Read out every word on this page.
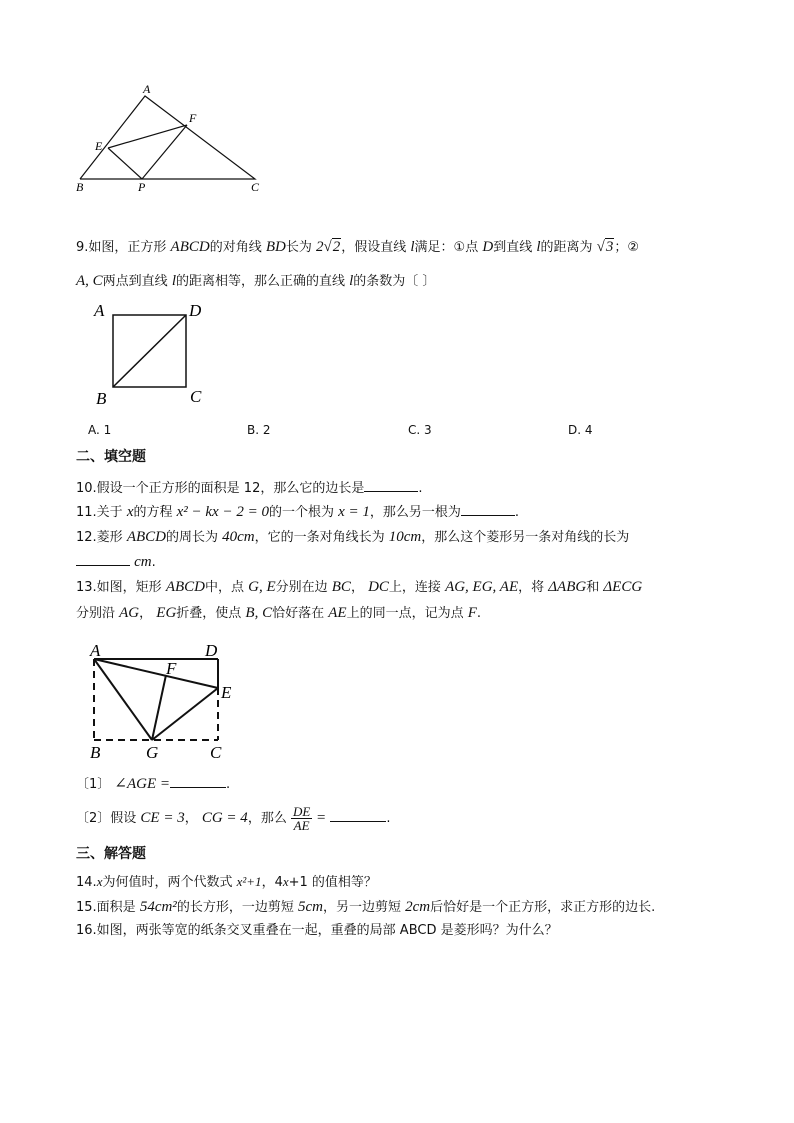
A
F
E
B	P	C
9.如图，正方形 ABCD的对角线 BD长为 2√2，假设直线 l满足：①点 D到直线 l的距离为 √3；②
A, C两点到直线 l的距离相等，那么正确的直线 l的条数为〔 〕
A	D
B	C
A. 1	B. 2	C. 3	D. 4
二、填空题
10.假设一个正方形的面积是 12，那么它的边长是	.
11.关于 x的方程 x² − kx − 2 = 0的一个根为 x = 1，那么另一根为	.
12.菱形 ABCD的周长为 40cm，它的一条对角线长为 10cm，那么这个菱形另一条对角线的长为
cm.
13.如图，矩形 ABCD中，点 G, E分别在边 BC， DC上，连接 AG, EG, AE，将 ΔABG和 ΔECG
分别沿 AG， EG折叠，使点 B, C恰好落在 AE上的同一点，记为点 F.
A	D
F
E
B	G	C
〔1〕 ∠AGE =	.
〔2〕假设 CE = 3， CG = 4，那么 $\frac{DE}{AE}$ =	.
三、解答题
14.x为何值时，两个代数式 x²+1，4x+1 的值相等？
15.面积是 54cm²的长方形，一边剪短 5cm，另一边剪短 2cm后恰好是一个正方形，求正方形的边长.
16.如图，两张等宽的纸条交叉重叠在一起，重叠的局部 ABCD 是菱形吗？为什么？
